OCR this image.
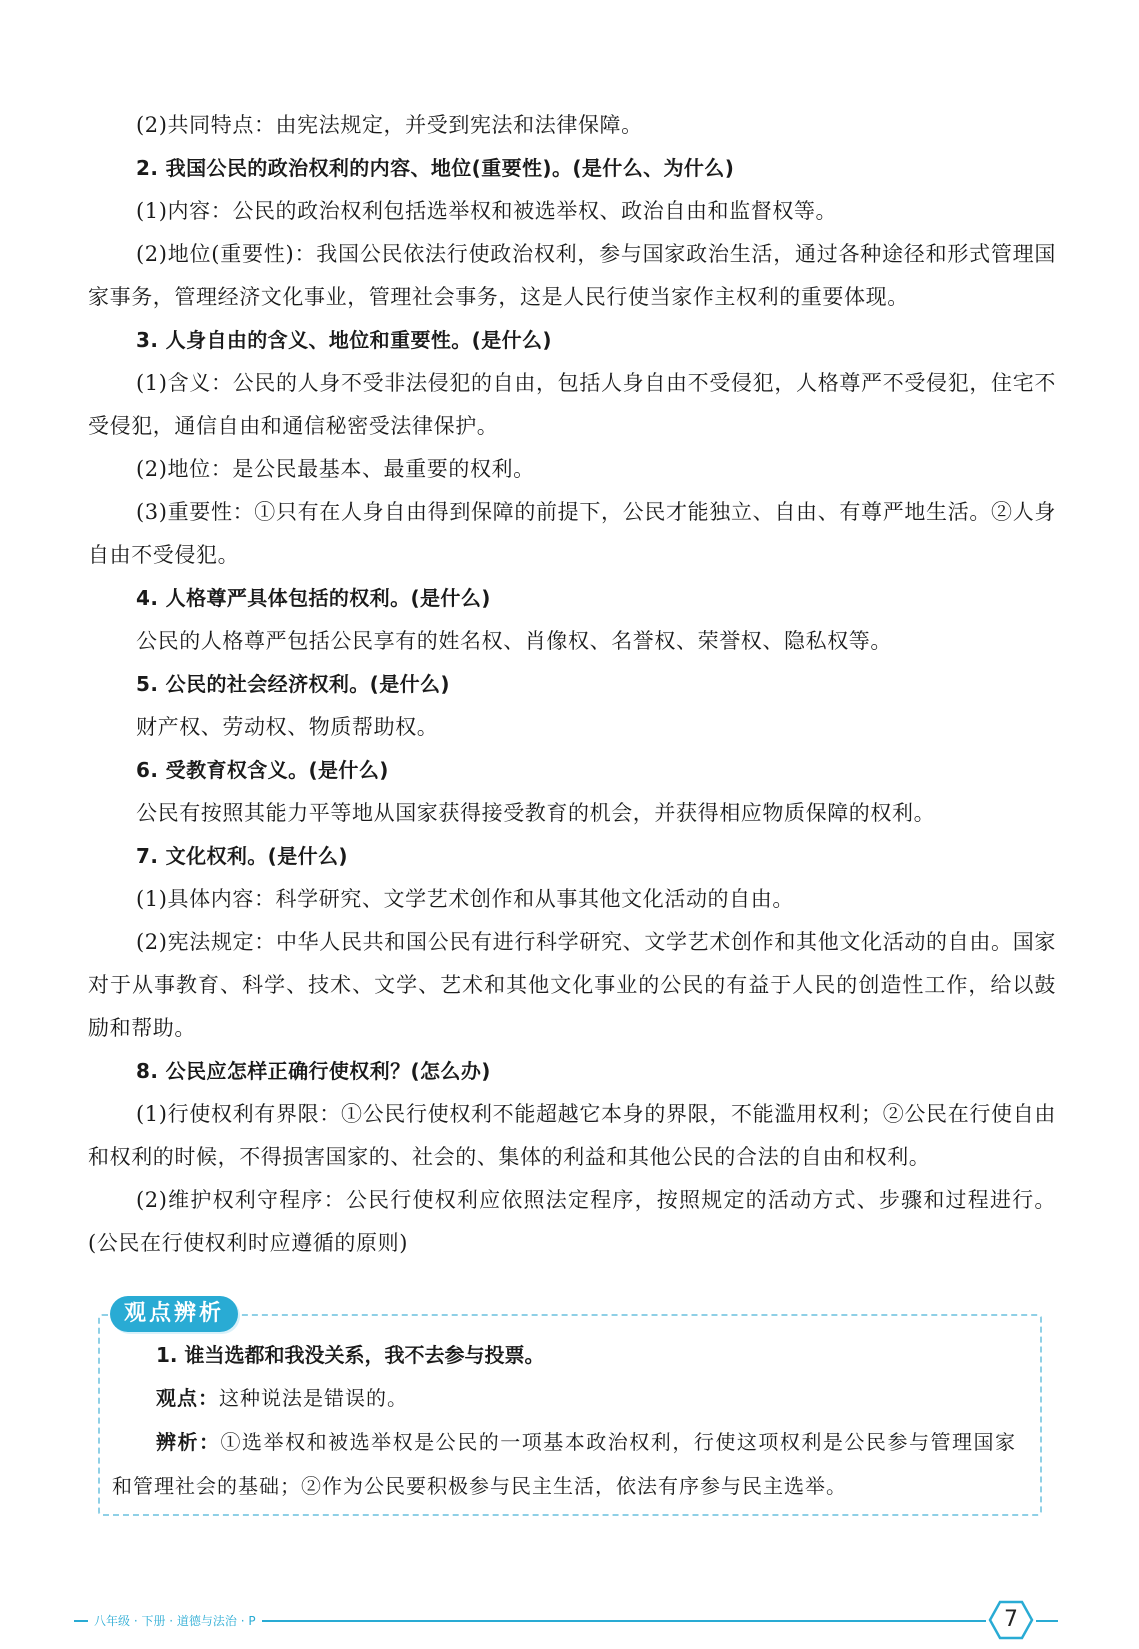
(2)共同特点：由宪法规定，并受到宪法和法律保障。

2. 我国公民的政治权利的内容、地位(重要性)。(是什么、为什么)

(1)内容：公民的政治权利包括选举权和被选举权、政治自由和监督权等。

(2)地位(重要性)：我国公民依法行使政治权利，参与国家政治生活，通过各种途径和形式管理国家事务，管理经济文化事业，管理社会事务，这是人民行使当家作主权利的重要体现。

3. 人身自由的含义、地位和重要性。(是什么)

(1)含义：公民的人身不受非法侵犯的自由，包括人身自由不受侵犯，人格尊严不受侵犯，住宅不受侵犯，通信自由和通信秘密受法律保护。

(2)地位：是公民最基本、最重要的权利。

(3)重要性：①只有在人身自由得到保障的前提下，公民才能独立、自由、有尊严地生活。②人身自由不受侵犯。

4. 人格尊严具体包括的权利。(是什么)

公民的人格尊严包括公民享有的姓名权、肖像权、名誉权、荣誉权、隐私权等。

5. 公民的社会经济权利。(是什么)

财产权、劳动权、物质帮助权。

6. 受教育权含义。(是什么)

公民有按照其能力平等地从国家获得接受教育的机会，并获得相应物质保障的权利。

7. 文化权利。(是什么)

(1)具体内容：科学研究、文学艺术创作和从事其他文化活动的自由。

(2)宪法规定：中华人民共和国公民有进行科学研究、文学艺术创作和其他文化活动的自由。国家对于从事教育、科学、技术、文学、艺术和其他文化事业的公民的有益于人民的创造性工作，给以鼓励和帮助。

8. 公民应怎样正确行使权利？(怎么办)

(1)行使权利有界限：①公民行使权利不能超越它本身的界限，不能滥用权利；②公民在行使自由和权利的时候，不得损害国家的、社会的、集体的利益和其他公民的合法的自由和权利。

(2)维护权利守程序：公民行使权利应依照法定程序，按照规定的活动方式、步骤和过程进行。(公民在行使权利时应遵循的原则)

观点辨析

1. 谁当选都和我没关系，我不去参与投票。

观点：这种说法是错误的。

辨析：①选举权和被选举权是公民的一项基本政治权利，行使这项权利是公民参与管理国家和管理社会的基础；②作为公民要积极参与民主生活，依法有序参与民主选举。

八年级 · 下册 · 道德与法治 · P	7
